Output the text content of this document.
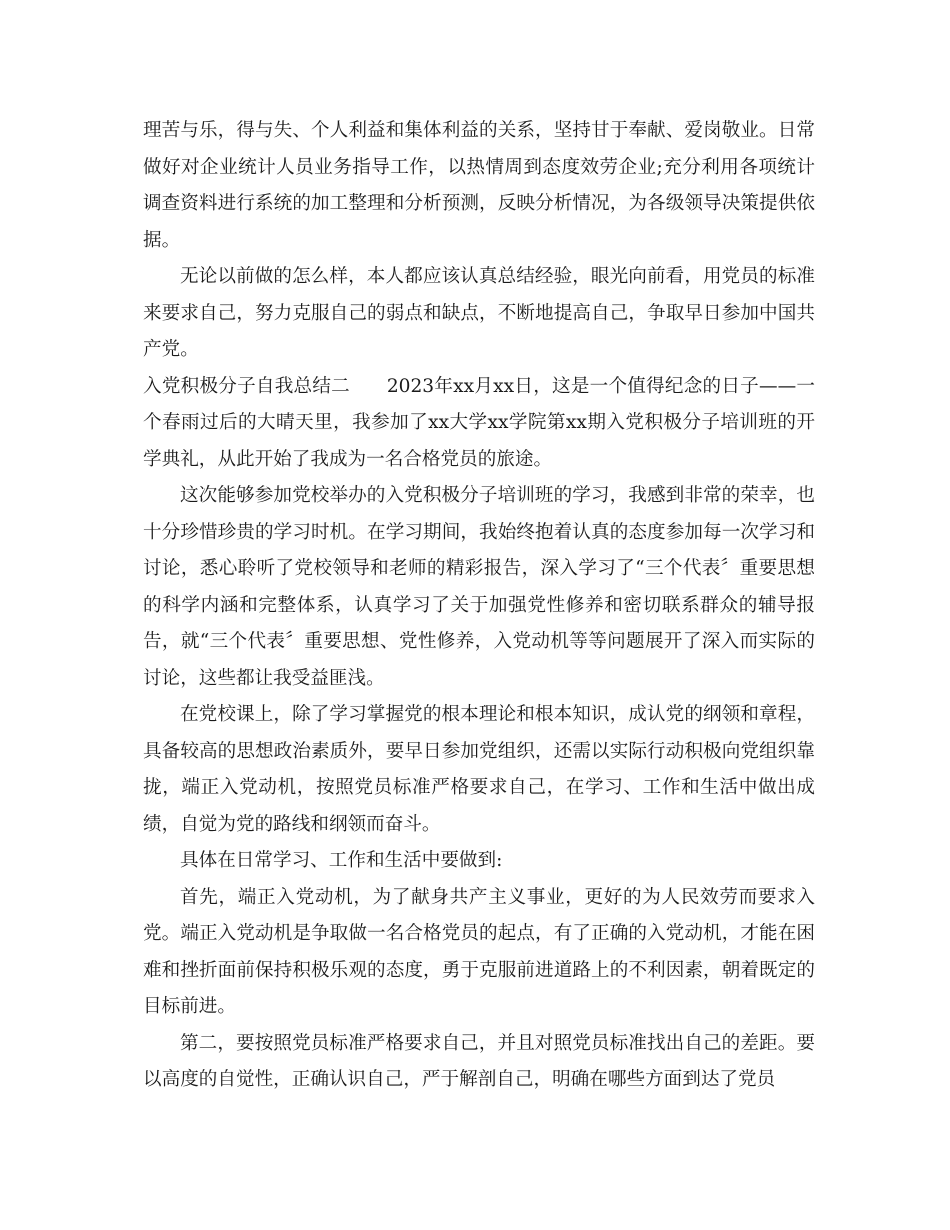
理苦与乐，得与失、个人利益和集体利益的关系，坚持甘于奉献、爱岗敬业。日常做好对企业统计人员业务指导工作，以热情周到态度效劳企业;充分利用各项统计调查资料进行系统的加工整理和分析预测，反映分析情况，为各级领导决策提供依据。

无论以前做的怎么样，本人都应该认真总结经验，眼光向前看，用党员的标准来要求自己，努力克服自己的弱点和缺点，不断地提高自己，争取早日参加中国共产党。

入党积极分子自我总结二 2023年xx月xx日，这是一个值得纪念的日子——一个春雨过后的大晴天里，我参加了xx大学xx学院第xx期入党积极分子培训班的开学典礼，从此开始了我成为一名合格党员的旅途。

这次能够参加党校举办的入党积极分子培训班的学习，我感到非常的荣幸，也十分珍惜珍贵的学习时机。在学习期间，我始终抱着认真的态度参加每一次学习和讨论，悉心聆听了党校领导和老师的精彩报告，深入学习了“三个代表〞重要思想的科学内涵和完整体系，认真学习了关于加强党性修养和密切联系群众的辅导报告，就“三个代表〞重要思想、党性修养，入党动机等等问题展开了深入而实际的讨论，这些都让我受益匪浅。

在党校课上，除了学习掌握党的根本理论和根本知识，成认党的纲领和章程，具备较高的思想政治素质外，要早日参加党组织，还需以实际行动积极向党组织靠拢，端正入党动机，按照党员标准严格要求自己，在学习、工作和生活中做出成绩，自觉为党的路线和纲领而奋斗。

具体在日常学习、工作和生活中要做到:

首先，端正入党动机，为了献身共产主义事业，更好的为人民效劳而要求入党。端正入党动机是争取做一名合格党员的起点，有了正确的入党动机，才能在困难和挫折面前保持积极乐观的态度，勇于克服前进道路上的不利因素，朝着既定的目标前进。

第二，要按照党员标准严格要求自己，并且对照党员标准找出自己的差距。要以高度的自觉性，正确认识自己，严于解剖自己，明确在哪些方面到达了党员
